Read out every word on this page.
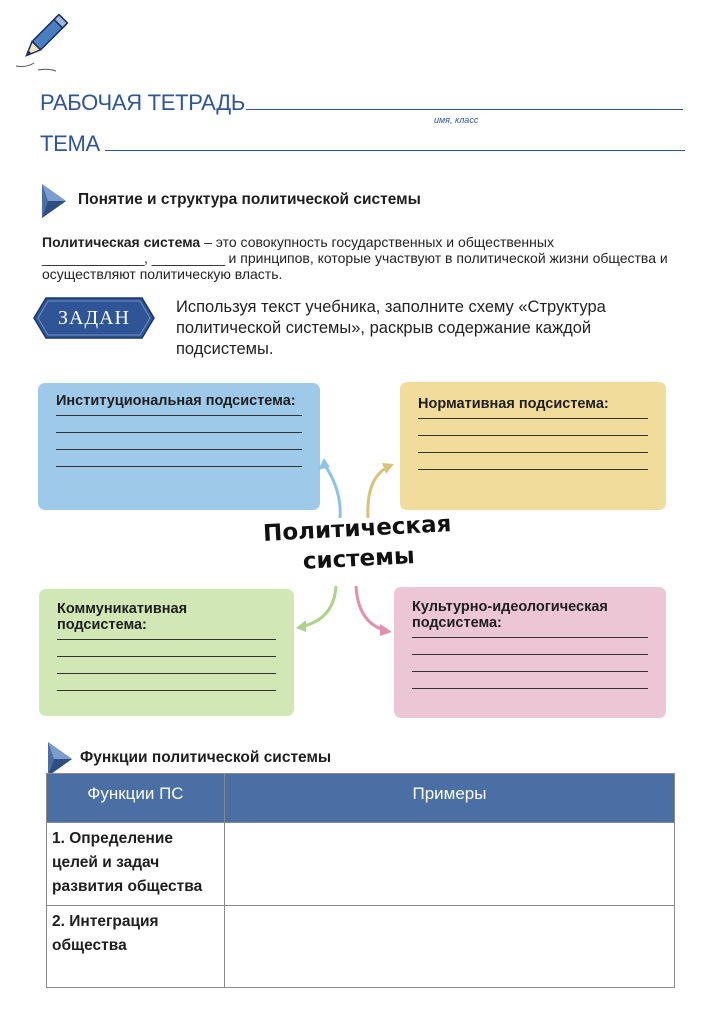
РАБОЧАЯ ТЕТРАДЬ
имя, класс
ТЕМА
Понятие и структура политической системы
Политическая система – это совокупность государственных и общественных
______________, __________ и принципов, которые участвуют в политической жизни общества и осуществляют политическую власть.
ЗАДАН	Используя текст учебника, заполните схему «Структура политической системы», раскрыв содержание каждой подсистемы.
Институциональная подсистема:	Нормативная подсистема:
Коммуникативная подсистема:
Культурно-идеологическая подсистема:
Политическая системы
Функции политической системы
Функции ПС	Примеры
1. Определение целей и задач развития общества
2. Интеграция общества
